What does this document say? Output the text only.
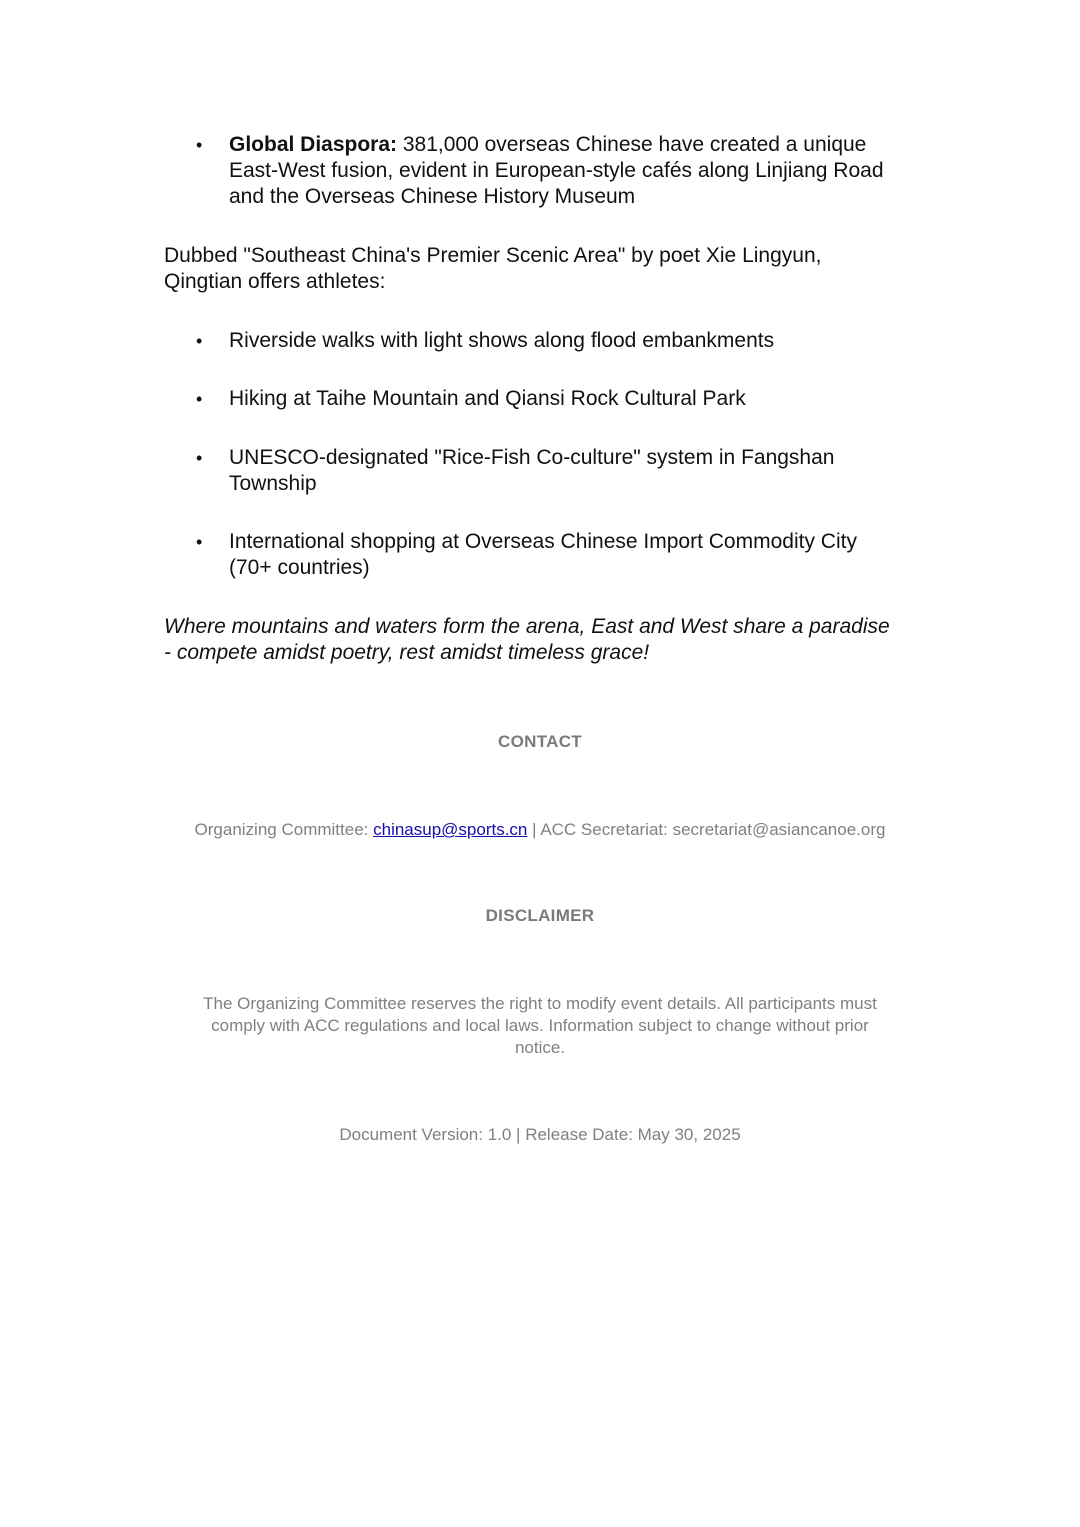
•	Global Diaspora: 381,000 overseas Chinese have created a unique
East-West fusion, evident in European-style cafés along Linjiang Road
and the Overseas Chinese History Museum
Dubbed "Southeast China's Premier Scenic Area" by poet Xie Lingyun,
Qingtian offers athletes:
•	Riverside walks with light shows along flood embankments
•	Hiking at Taihe Mountain and Qiansi Rock Cultural Park
•	UNESCO-designated "Rice-Fish Co-culture" system in Fangshan
Township
•	International shopping at Overseas Chinese Import Commodity City
(70+ countries)
Where mountains and waters form the arena, East and West share a paradise
- compete amidst poetry, rest amidst timeless grace!
CONTACT
Organizing Committee: chinasup@sports.cn | ACC Secretariat: secretariat@asiancanoe.org
DISCLAIMER
The Organizing Committee reserves the right to modify event details. All participants must
comply with ACC regulations and local laws. Information subject to change without prior
notice.
Document Version: 1.0 | Release Date: May 30, 2025
